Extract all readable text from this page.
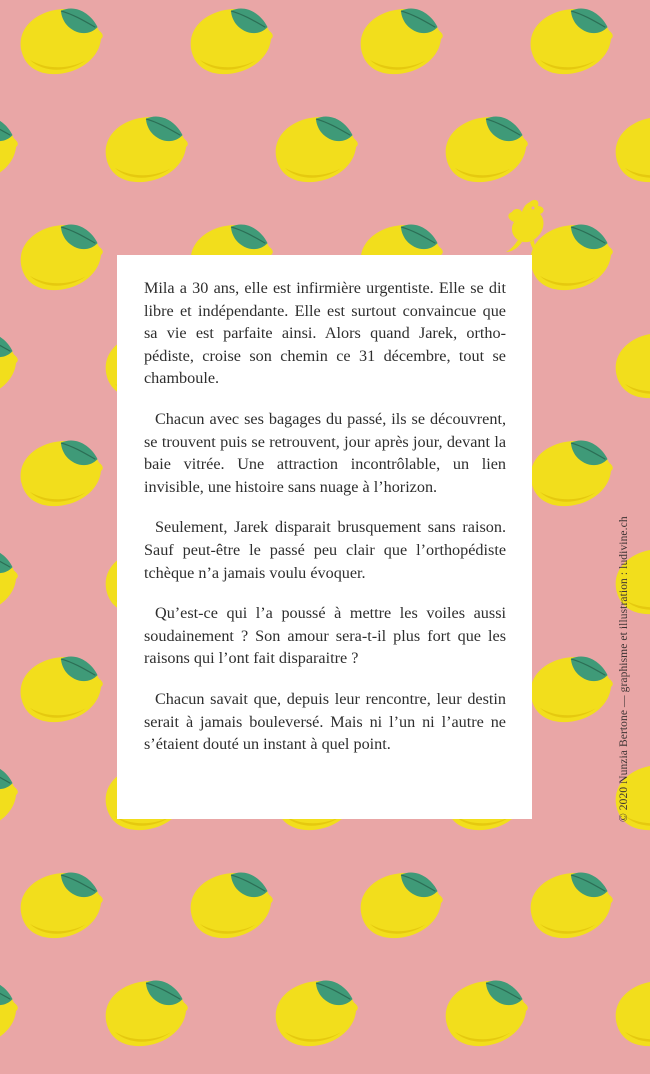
Mila a 30 ans, elle est infirmière urgentiste. Elle se dit libre et indépendante. Elle est surtout convaincue que sa vie est parfaite ainsi. Alors quand Jarek, orthopédiste, croise son chemin ce 31 décembre, tout se chamboule.

Chacun avec ses bagages du passé, ils se découvrent, se trouvent puis se retrouvent, jour après jour, devant la baie vitrée. Une attraction incontrôlable, un lien invisible, une histoire sans nuage à l’horizon.

Seulement, Jarek disparait brusquement sans raison. Sauf peut-être le passé peu clair que l’orthopédiste tchèque n’a jamais voulu évoquer.

Qu’est-ce qui l’a poussé à mettre les voiles aussi soudainement ? Son amour sera-t-il plus fort que les raisons qui l’ont fait disparaitre ?

Chacun savait que, depuis leur rencontre, leur destin serait à jamais bouleversé. Mais ni l’un ni l’autre ne s’étaient douté un instant à quel point.	© 2020 Nunzia Bertone — graphisme et illustration : ludivine.ch
